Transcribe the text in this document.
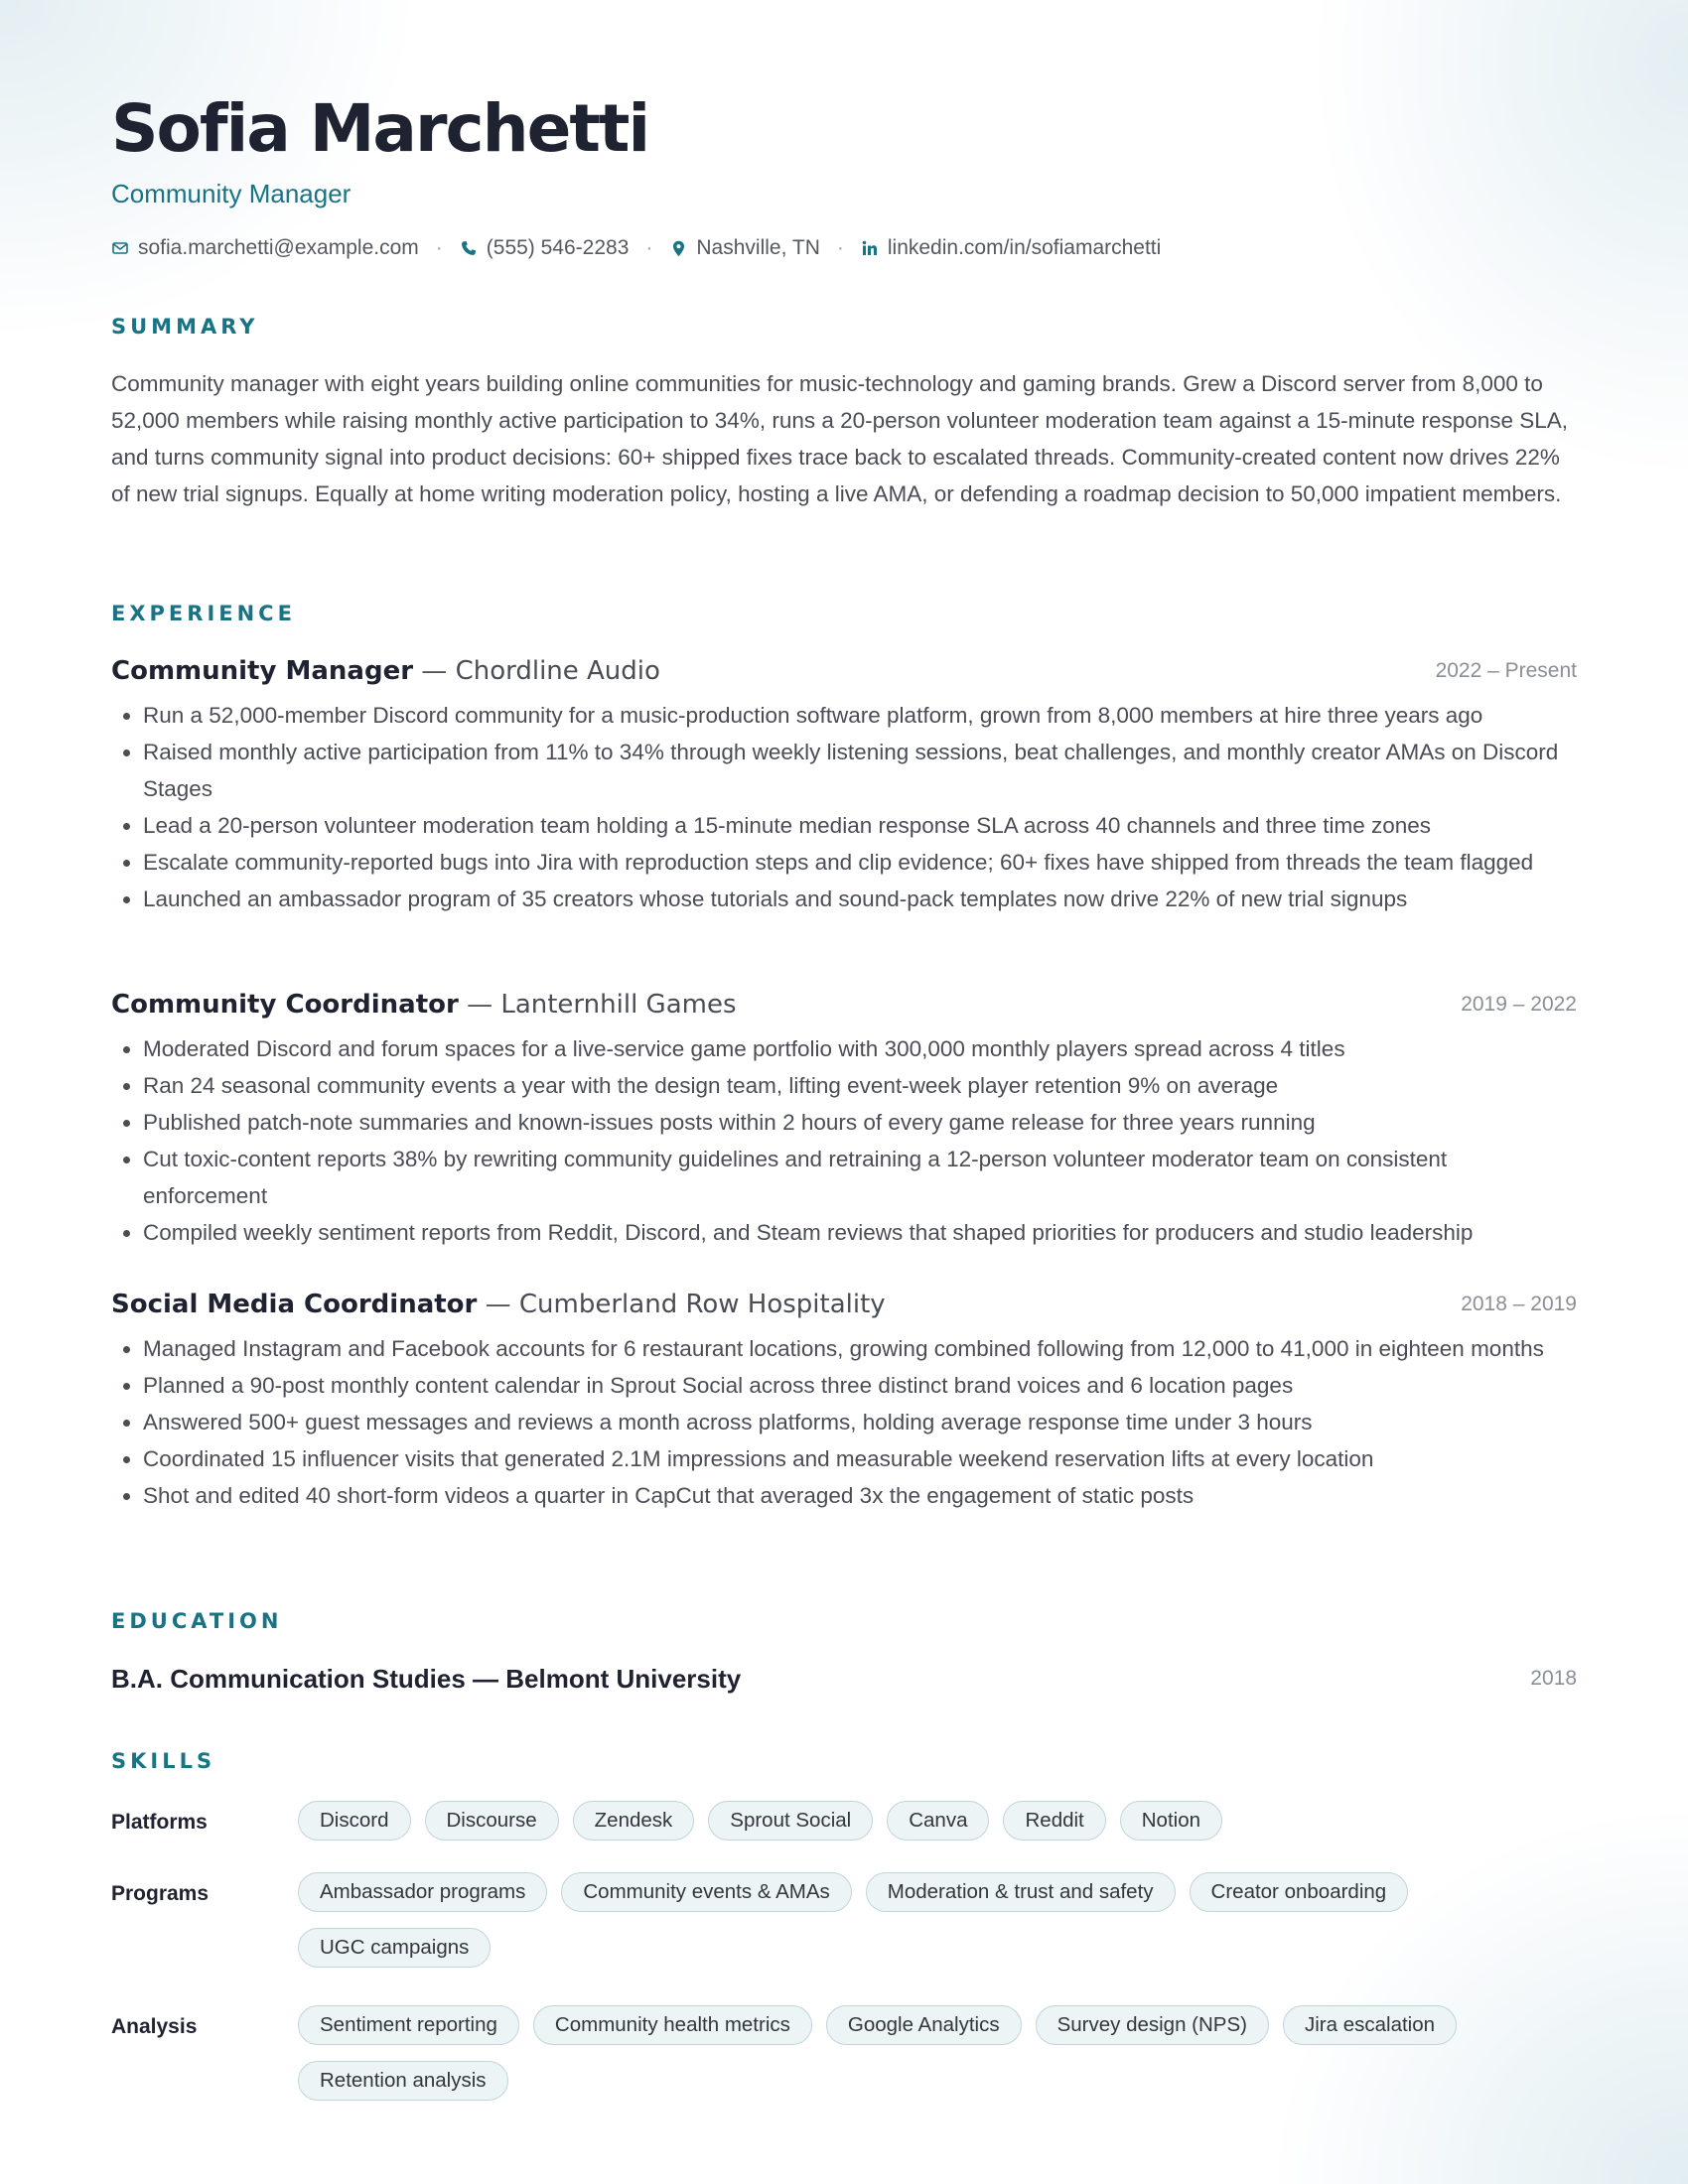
Sofia Marchetti
Community Manager
sofia.marchetti@example.com · (555) 546-2283 · Nashville, TN · linkedin.com/in/sofiamarchetti
SUMMARY

Community manager with eight years building online communities for music-technology and gaming brands. Grew a Discord server from 8,000 to 52,000 members while raising monthly active participation to 34%, runs a 20-person volunteer moderation team against a 15-minute response SLA, and turns community signal into product decisions: 60+ shipped fixes trace back to escalated threads. Community-created content now drives 22% of new trial signups. Equally at home writing moderation policy, hosting a live AMA, or defending a roadmap decision to 50,000 impatient members.

EXPERIENCE
Community Manager — Chordline Audio	2022 – Present
• Run a 52,000-member Discord community for a music-production software platform, grown from 8,000 members at hire three years ago
• Raised monthly active participation from 11% to 34% through weekly listening sessions, beat challenges, and monthly creator AMAs on Discord Stages
• Lead a 20-person volunteer moderation team holding a 15-minute median response SLA across 40 channels and three time zones
• Escalate community-reported bugs into Jira with reproduction steps and clip evidence; 60+ fixes have shipped from threads the team flagged
• Launched an ambassador program of 35 creators whose tutorials and sound-pack templates now drive 22% of new trial signups
Community Coordinator — Lanternhill Games	2019 – 2022
• Moderated Discord and forum spaces for a live-service game portfolio with 300,000 monthly players spread across 4 titles
• Ran 24 seasonal community events a year with the design team, lifting event-week player retention 9% on average
• Published patch-note summaries and known-issues posts within 2 hours of every game release for three years running
• Cut toxic-content reports 38% by rewriting community guidelines and retraining a 12-person volunteer moderator team on consistent enforcement
• Compiled weekly sentiment reports from Reddit, Discord, and Steam reviews that shaped priorities for producers and studio leadership
Social Media Coordinator — Cumberland Row Hospitality	2018 – 2019
• Managed Instagram and Facebook accounts for 6 restaurant locations, growing combined following from 12,000 to 41,000 in eighteen months
• Planned a 90-post monthly content calendar in Sprout Social across three distinct brand voices and 6 location pages
• Answered 500+ guest messages and reviews a month across platforms, holding average response time under 3 hours
• Coordinated 15 influencer visits that generated 2.1M impressions and measurable weekend reservation lifts at every location
• Shot and edited 40 short-form videos a quarter in CapCut that averaged 3x the engagement of static posts
EDUCATION
B.A. Communication Studies — Belmont University	2018
SKILLS
Platforms	Discord	Discourse	Zendesk	Sprout Social	Canva	Reddit	Notion
Programs	Ambassador programs	Community events & AMAs	Moderation & trust and safety	Creator onboarding
UGC campaigns
Analysis	Sentiment reporting	Community health metrics	Google Analytics	Survey design (NPS)	Jira escalation
Retention analysis
